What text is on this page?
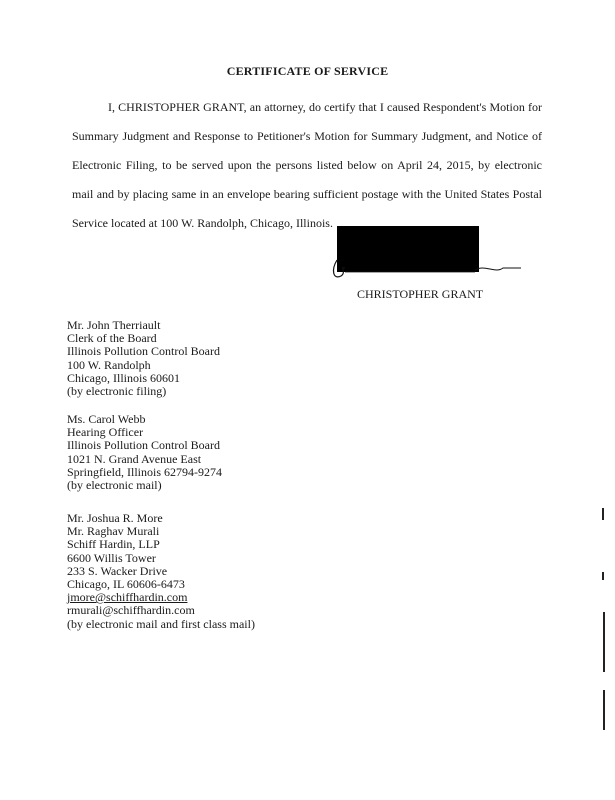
CERTIFICATE OF SERVICE
I, CHRISTOPHER GRANT, an attorney, do certify that I caused Respondent's Motion for Summary Judgment and Response to Petitioner's Motion for Summary Judgment, and Notice of Electronic Filing, to be served upon the persons listed below on April 24, 2015, by electronic mail and by placing same in an envelope bearing sufficient postage with the United States Postal Service located at 100 W. Randolph, Chicago, Illinois.
CHRISTOPHER GRANT
Mr. John Therriault
Clerk of the Board
Illinois Pollution Control Board
100 W. Randolph
Chicago, Illinois 60601
(by electronic filing)
Ms. Carol Webb
Hearing Officer
Illinois Pollution Control Board
1021 N. Grand Avenue East
Springfield, Illinois 62794-9274
(by electronic mail)
Mr. Joshua R. More
Mr. Raghav Murali
Schiff Hardin, LLP
6600 Willis Tower
233 S. Wacker Drive
Chicago, IL 60606-6473
jmore@schiffhardin.com
rmurali@schiffhardin.com
(by electronic mail and first class mail)
